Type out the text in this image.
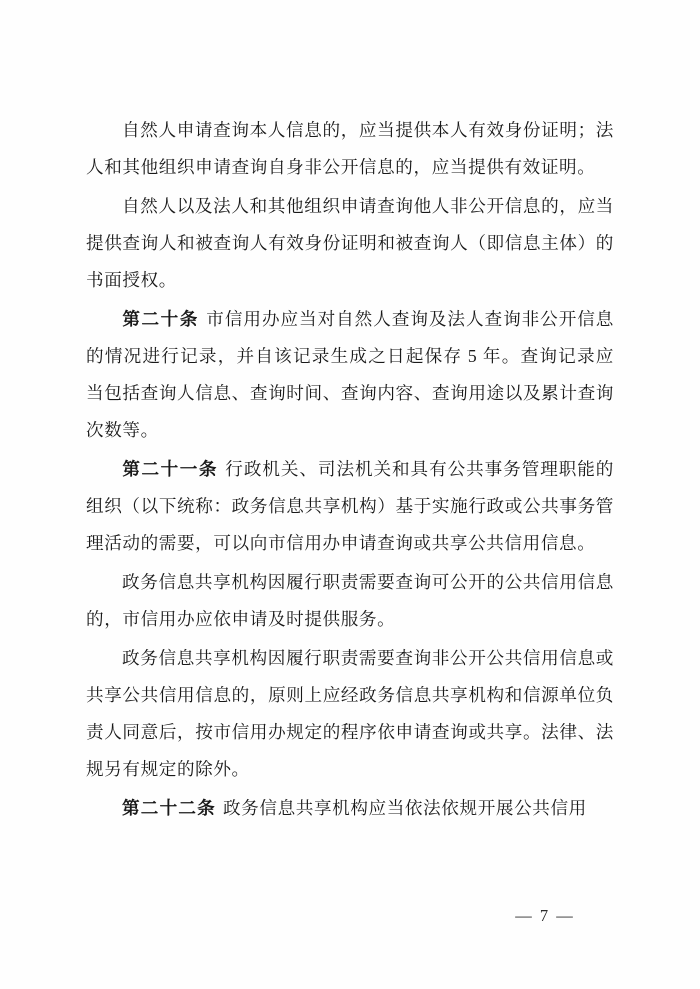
自然人申请查询本人信息的，应当提供本人有效身份证明；法人和其他组织申请查询自身非公开信息的，应当提供有效证明。

自然人以及法人和其他组织申请查询他人非公开信息的，应当提供查询人和被查询人有效身份证明和被查询人（即信息主体）的书面授权。

第二十条 市信用办应当对自然人查询及法人查询非公开信息的情况进行记录，并自该记录生成之日起保存 5 年。查询记录应当包括查询人信息、查询时间、查询内容、查询用途以及累计查询次数等。

第二十一条 行政机关、司法机关和具有公共事务管理职能的组织（以下统称：政务信息共享机构）基于实施行政或公共事务管理活动的需要，可以向市信用办申请查询或共享公共信用信息。

政务信息共享机构因履行职责需要查询可公开的公共信用信息的，市信用办应依申请及时提供服务。

政务信息共享机构因履行职责需要查询非公开公共信用信息或共享公共信用信息的，原则上应经政务信息共享机构和信源单位负责人同意后，按市信用办规定的程序依申请查询或共享。法律、法规另有规定的除外。

第二十二条 政务信息共享机构应当依法依规开展公共信用

— 7 —
